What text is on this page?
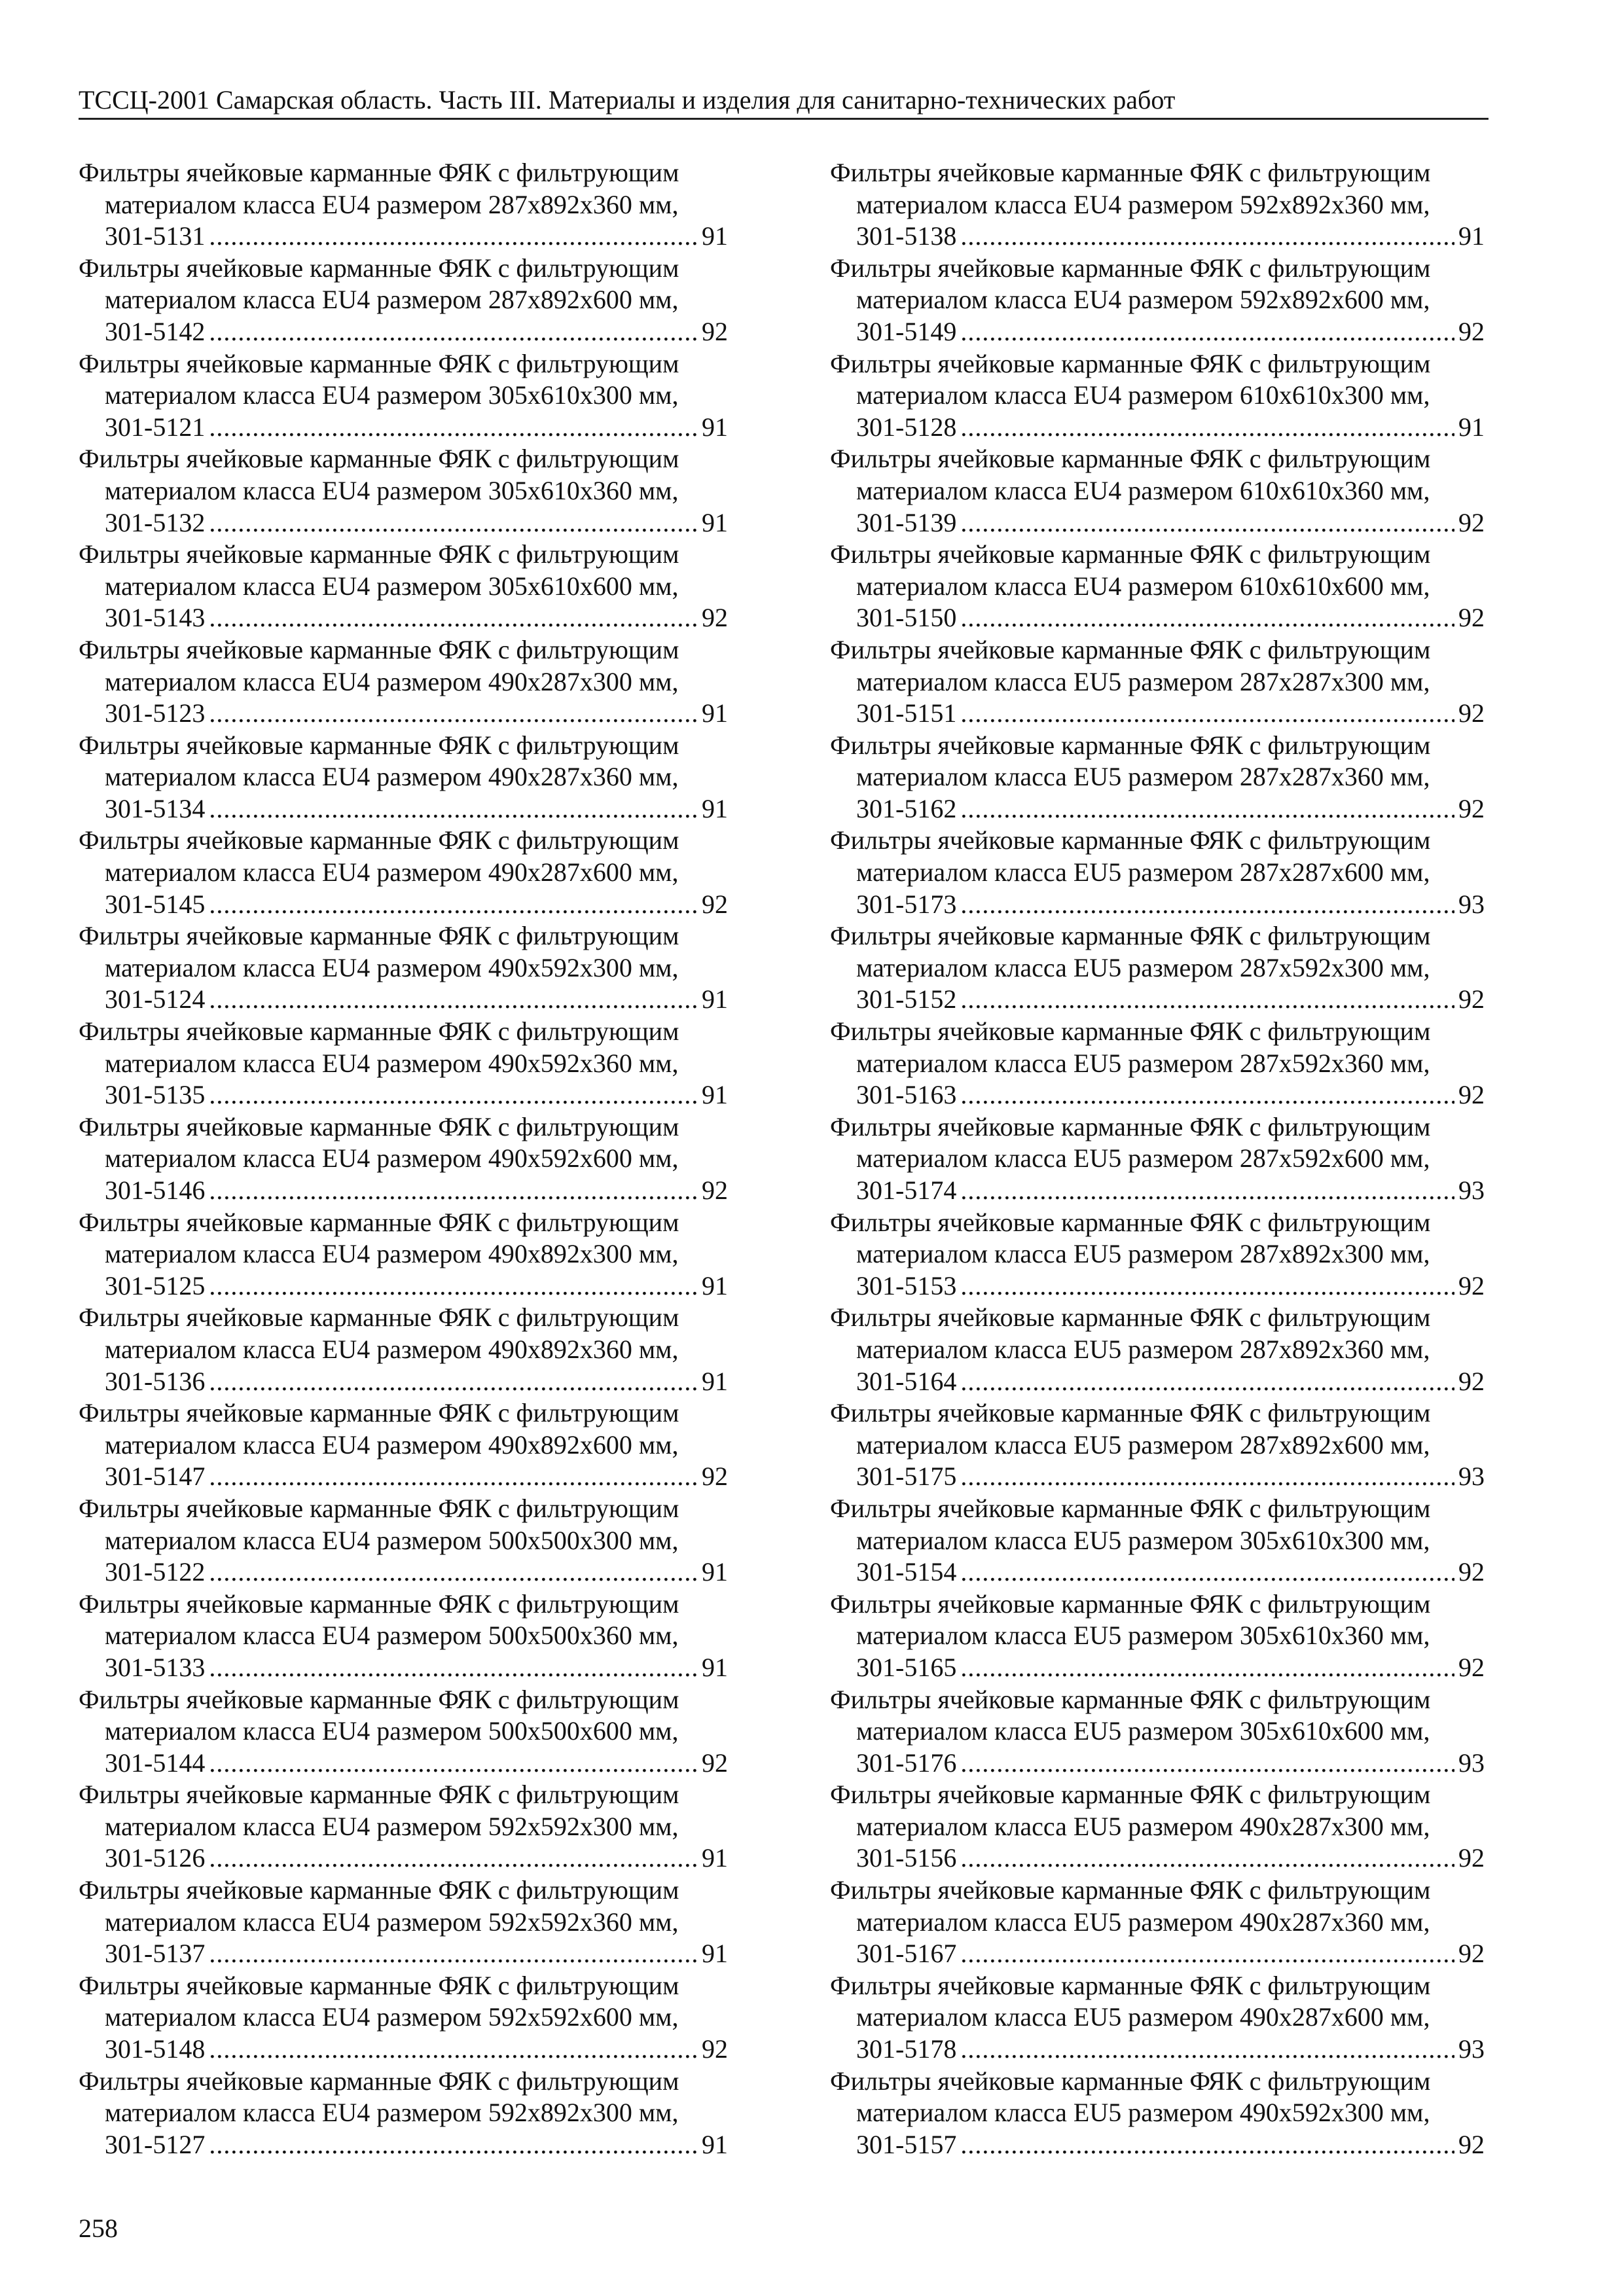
ТССЦ-2001 Самарская область. Часть III. Материалы и изделия для санитарно-технических работ
Фильтры ячейковые карманные ФЯК с фильтрующим
материалом класса EU4 размером 287x892x360 мм,
301-5131 .....	91
Фильтры ячейковые карманные ФЯК с фильтрующим
материалом класса EU4 размером 287x892x600 мм,
301-5142 .....	92
Фильтры ячейковые карманные ФЯК с фильтрующим
материалом класса EU4 размером 305x610x300 мм,
301-5121 .....	91
Фильтры ячейковые карманные ФЯК с фильтрующим
материалом класса EU4 размером 305x610x360 мм,
301-5132 .....	91
Фильтры ячейковые карманные ФЯК с фильтрующим
материалом класса EU4 размером 305x610x600 мм,
301-5143 .....	92
Фильтры ячейковые карманные ФЯК с фильтрующим
материалом класса EU4 размером 490x287x300 мм,
301-5123 .....	91
Фильтры ячейковые карманные ФЯК с фильтрующим
материалом класса EU4 размером 490x287x360 мм,
301-5134 .....	91
Фильтры ячейковые карманные ФЯК с фильтрующим
материалом класса EU4 размером 490x287x600 мм,
301-5145 .....	92
Фильтры ячейковые карманные ФЯК с фильтрующим
материалом класса EU4 размером 490x592x300 мм,
301-5124 .....	91
Фильтры ячейковые карманные ФЯК с фильтрующим
материалом класса EU4 размером 490x592x360 мм,
301-5135 .....	91
Фильтры ячейковые карманные ФЯК с фильтрующим
материалом класса EU4 размером 490x592x600 мм,
301-5146 .....	92
Фильтры ячейковые карманные ФЯК с фильтрующим
материалом класса EU4 размером 490x892x300 мм,
301-5125 .....	91
Фильтры ячейковые карманные ФЯК с фильтрующим
материалом класса EU4 размером 490x892x360 мм,
301-5136 .....	91
Фильтры ячейковые карманные ФЯК с фильтрующим
материалом класса EU4 размером 490x892x600 мм,
301-5147 .....	92
Фильтры ячейковые карманные ФЯК с фильтрующим
материалом класса EU4 размером 500x500x300 мм,
301-5122 .....	91
Фильтры ячейковые карманные ФЯК с фильтрующим
материалом класса EU4 размером 500x500x360 мм,
301-5133 .....	91
Фильтры ячейковые карманные ФЯК с фильтрующим
материалом класса EU4 размером 500x500x600 мм,
301-5144 .....	92
Фильтры ячейковые карманные ФЯК с фильтрующим
материалом класса EU4 размером 592x592x300 мм,
301-5126 .....	91
Фильтры ячейковые карманные ФЯК с фильтрующим
материалом класса EU4 размером 592x592x360 мм,
301-5137 .....	91
Фильтры ячейковые карманные ФЯК с фильтрующим
материалом класса EU4 размером 592x592x600 мм,
301-5148 .....	92
Фильтры ячейковые карманные ФЯК с фильтрующим
материалом класса EU4 размером 592x892x300 мм,
301-5127 .....	91
Фильтры ячейковые карманные ФЯК с фильтрующим
материалом класса EU4 размером 592x892x360 мм,
301-5138 .....	91
Фильтры ячейковые карманные ФЯК с фильтрующим
материалом класса EU4 размером 592x892x600 мм,
301-5149 .....	92
Фильтры ячейковые карманные ФЯК с фильтрующим
материалом класса EU4 размером 610x610x300 мм,
301-5128 .....	91
Фильтры ячейковые карманные ФЯК с фильтрующим
материалом класса EU4 размером 610x610x360 мм,
301-5139 .....	92
Фильтры ячейковые карманные ФЯК с фильтрующим
материалом класса EU4 размером 610x610x600 мм,
301-5150 .....	92
Фильтры ячейковые карманные ФЯК с фильтрующим
материалом класса EU5 размером 287x287x300 мм,
301-5151 .....	92
Фильтры ячейковые карманные ФЯК с фильтрующим
материалом класса EU5 размером 287x287x360 мм,
301-5162 .....	92
Фильтры ячейковые карманные ФЯК с фильтрующим
материалом класса EU5 размером 287x287x600 мм,
301-5173 .....	93
Фильтры ячейковые карманные ФЯК с фильтрующим
материалом класса EU5 размером 287x592x300 мм,
301-5152 .....	92
Фильтры ячейковые карманные ФЯК с фильтрующим
материалом класса EU5 размером 287x592x360 мм,
301-5163 .....	92
Фильтры ячейковые карманные ФЯК с фильтрующим
материалом класса EU5 размером 287x592x600 мм,
301-5174 .....	93
Фильтры ячейковые карманные ФЯК с фильтрующим
материалом класса EU5 размером 287x892x300 мм,
301-5153 .....	92
Фильтры ячейковые карманные ФЯК с фильтрующим
материалом класса EU5 размером 287x892x360 мм,
301-5164 .....	92
Фильтры ячейковые карманные ФЯК с фильтрующим
материалом класса EU5 размером 287x892x600 мм,
301-5175 .....	93
Фильтры ячейковые карманные ФЯК с фильтрующим
материалом класса EU5 размером 305x610x300 мм,
301-5154 .....	92
Фильтры ячейковые карманные ФЯК с фильтрующим
материалом класса EU5 размером 305x610x360 мм,
301-5165 .....	92
Фильтры ячейковые карманные ФЯК с фильтрующим
материалом класса EU5 размером 305x610x600 мм,
301-5176 .....	93
Фильтры ячейковые карманные ФЯК с фильтрующим
материалом класса EU5 размером 490x287x300 мм,
301-5156 .....	92
Фильтры ячейковые карманные ФЯК с фильтрующим
материалом класса EU5 размером 490x287x360 мм,
301-5167 .....	92
Фильтры ячейковые карманные ФЯК с фильтрующим
материалом класса EU5 размером 490x287x600 мм,
301-5178 .....	93
Фильтры ячейковые карманные ФЯК с фильтрующим
материалом класса EU5 размером 490x592x300 мм,
301-5157 .....	92
258
